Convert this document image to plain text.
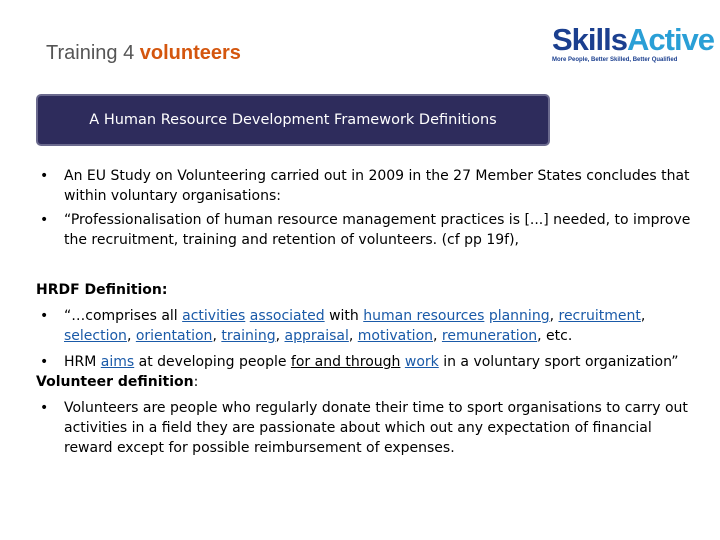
Training 4 volunteers	SkillsActive
More People, Better Skilled, Better Qualified
A Human Resource Development Framework Definitions
• An EU Study on Volunteering carried out in 2009 in the 27 Member States concludes that within voluntary organisations:
• “Professionalisation of human resource management practices is [...] needed, to improve the recruitment, training and retention of volunteers. (cf pp 19f),
HRDF Definition:
• “…comprises all activities associated with human resources planning, recruitment, selection, orientation, training, appraisal, motivation, remuneration, etc.
• HRM aims at developing people for and through work in a voluntary sport organization”
Volunteer definition:
• Volunteers are people who regularly donate their time to sport organisations to carry out activities in a field they are passionate about which out any expectation of financial reward except for possible reimbursement of expenses.
